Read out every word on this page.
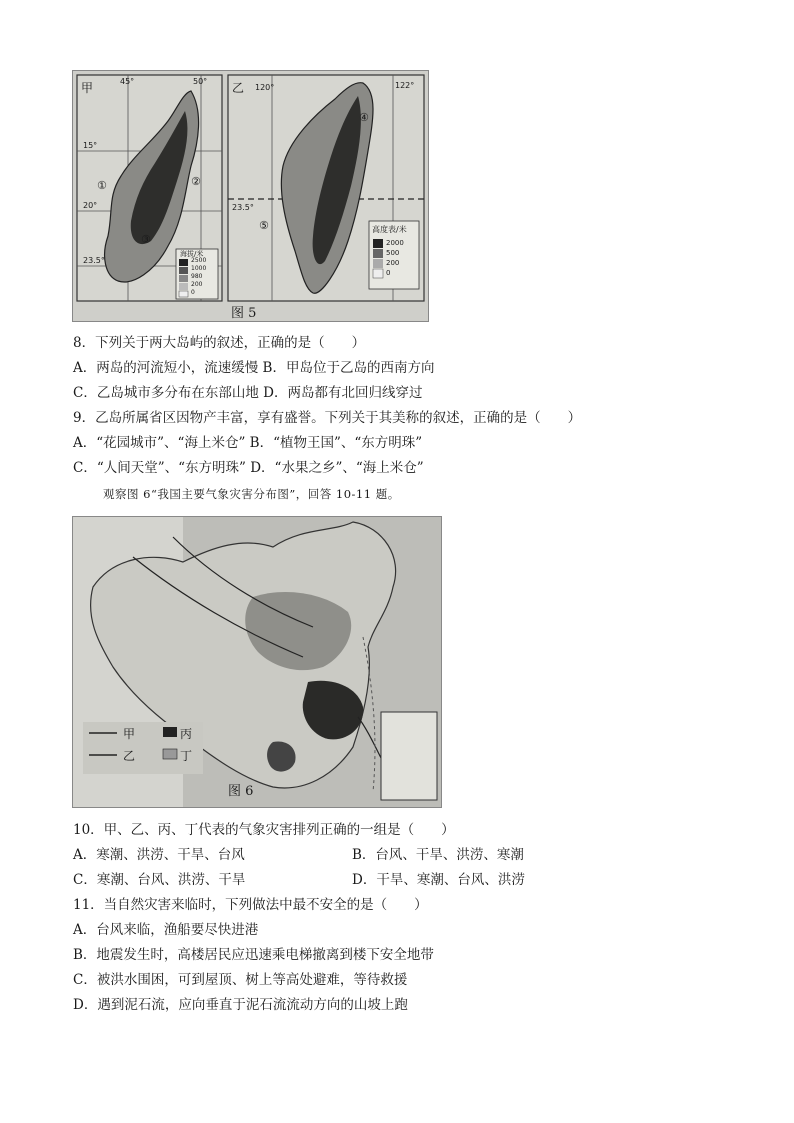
甲	45°	50°
15°
20°
23.5°
①	②
③
海拔/米
2500
1000
980
200
0
乙 120°	122°
23.5°
④
⑤	高度表/米
2000
500
200
0
图 5
8．下列关于两大岛屿的叙述，正确的是（　　）
A．两岛的河流短小，流速缓慢 B．甲岛位于乙岛的西南方向
C．乙岛城市多分布在东部山地 D．两岛都有北回归线穿过
9．乙岛所属省区因物产丰富，享有盛誉。下列关于其美称的叙述，正确的是（　　）
A．“花园城市”、“海上米仓” B．“植物王国”、“东方明珠”
C．“人间天堂”、“东方明珠” D．“水果之乡”、“海上米仓”
观察图 6“我国主要气象灾害分布图”，回答 10-11 题。
甲
乙
丙
丁
图 6
10．甲、乙、丙、丁代表的气象灾害排列正确的一组是（　　）
A．寒潮、洪涝、干旱、台风	B．台风、干旱、洪涝、寒潮
C．寒潮、台风、洪涝、干旱	D．干旱、寒潮、台风、洪涝
11．当自然灾害来临时，下列做法中最不安全的是（　　）
A．台风来临，渔船要尽快进港
B．地震发生时，高楼居民应迅速乘电梯撤离到楼下安全地带
C．被洪水围困，可到屋顶、树上等高处避难，等待救援
D．遇到泥石流，应向垂直于泥石流流动方向的山坡上跑
